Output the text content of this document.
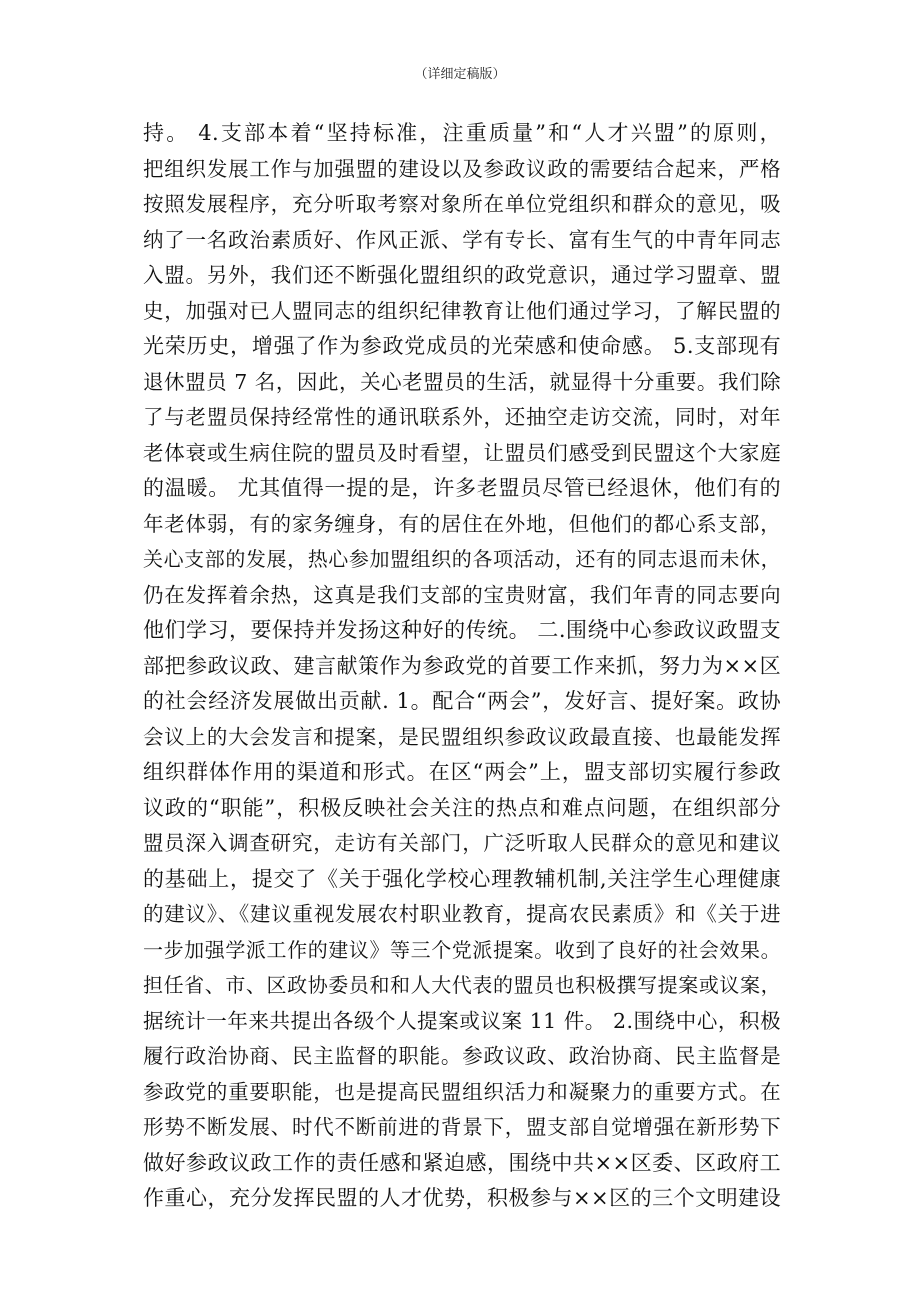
（详细定稿版）
持。 4.支部本着“坚持标准，注重质量”和“人才兴盟”的原则，
把组织发展工作与加强盟的建设以及参政议政的需要结合起来，严格
按照发展程序，充分听取考察对象所在单位党组织和群众的意见，吸
纳了一名政治素质好、作风正派、学有专长、富有生气的中青年同志
入盟。另外，我们还不断强化盟组织的政党意识，通过学习盟章、盟
史，加强对已人盟同志的组织纪律教育让他们通过学习，了解民盟的
光荣历史，增强了作为参政党成员的光荣感和使命感。 5.支部现有
退休盟员 7 名，因此，关心老盟员的生活，就显得十分重要。我们除
了与老盟员保持经常性的通讯联系外，还抽空走访交流，同时，对年
老体衰或生病住院的盟员及时看望，让盟员们感受到民盟这个大家庭
的温暖。 尤其值得一提的是，许多老盟员尽管已经退休，他们有的
年老体弱，有的家务缠身，有的居住在外地，但他们的都心系支部，
关心支部的发展，热心参加盟组织的各项活动，还有的同志退而未休，
仍在发挥着余热，这真是我们支部的宝贵财富，我们年青的同志要向
他们学习，要保持并发扬这种好的传统。 二.围绕中心参政议政盟支
部把参政议政、建言献策作为参政党的首要工作来抓，努力为××区
的社会经济发展做出贡献. 1。配合“两会”，发好言、提好案。政协
会议上的大会发言和提案，是民盟组织参政议政最直接、也最能发挥
组织群体作用的渠道和形式。在区“两会”上，盟支部切实履行参政
议政的“职能”，积极反映社会关注的热点和难点问题，在组织部分
盟员深入调查研究，走访有关部门，广泛听取人民群众的意见和建议
的基础上，提交了《关于强化学校心理教辅机制,关注学生心理健康
的建议》、《建议重视发展农村职业教育，提高农民素质》和《关于进
一步加强学派工作的建议》等三个党派提案。收到了良好的社会效果。
担任省、市、区政协委员和和人大代表的盟员也积极撰写提案或议案，
据统计一年来共提出各级个人提案或议案 11 件。 2.围绕中心，积极
履行政治协商、民主监督的职能。参政议政、政治协商、民主监督是
参政党的重要职能，也是提高民盟组织活力和凝聚力的重要方式。在
形势不断发展、时代不断前进的背景下，盟支部自觉增强在新形势下
做好参政议政工作的责任感和紧迫感，围绕中共××区委、区政府工
作重心，充分发挥民盟的人才优势，积极参与××区的三个文明建设
